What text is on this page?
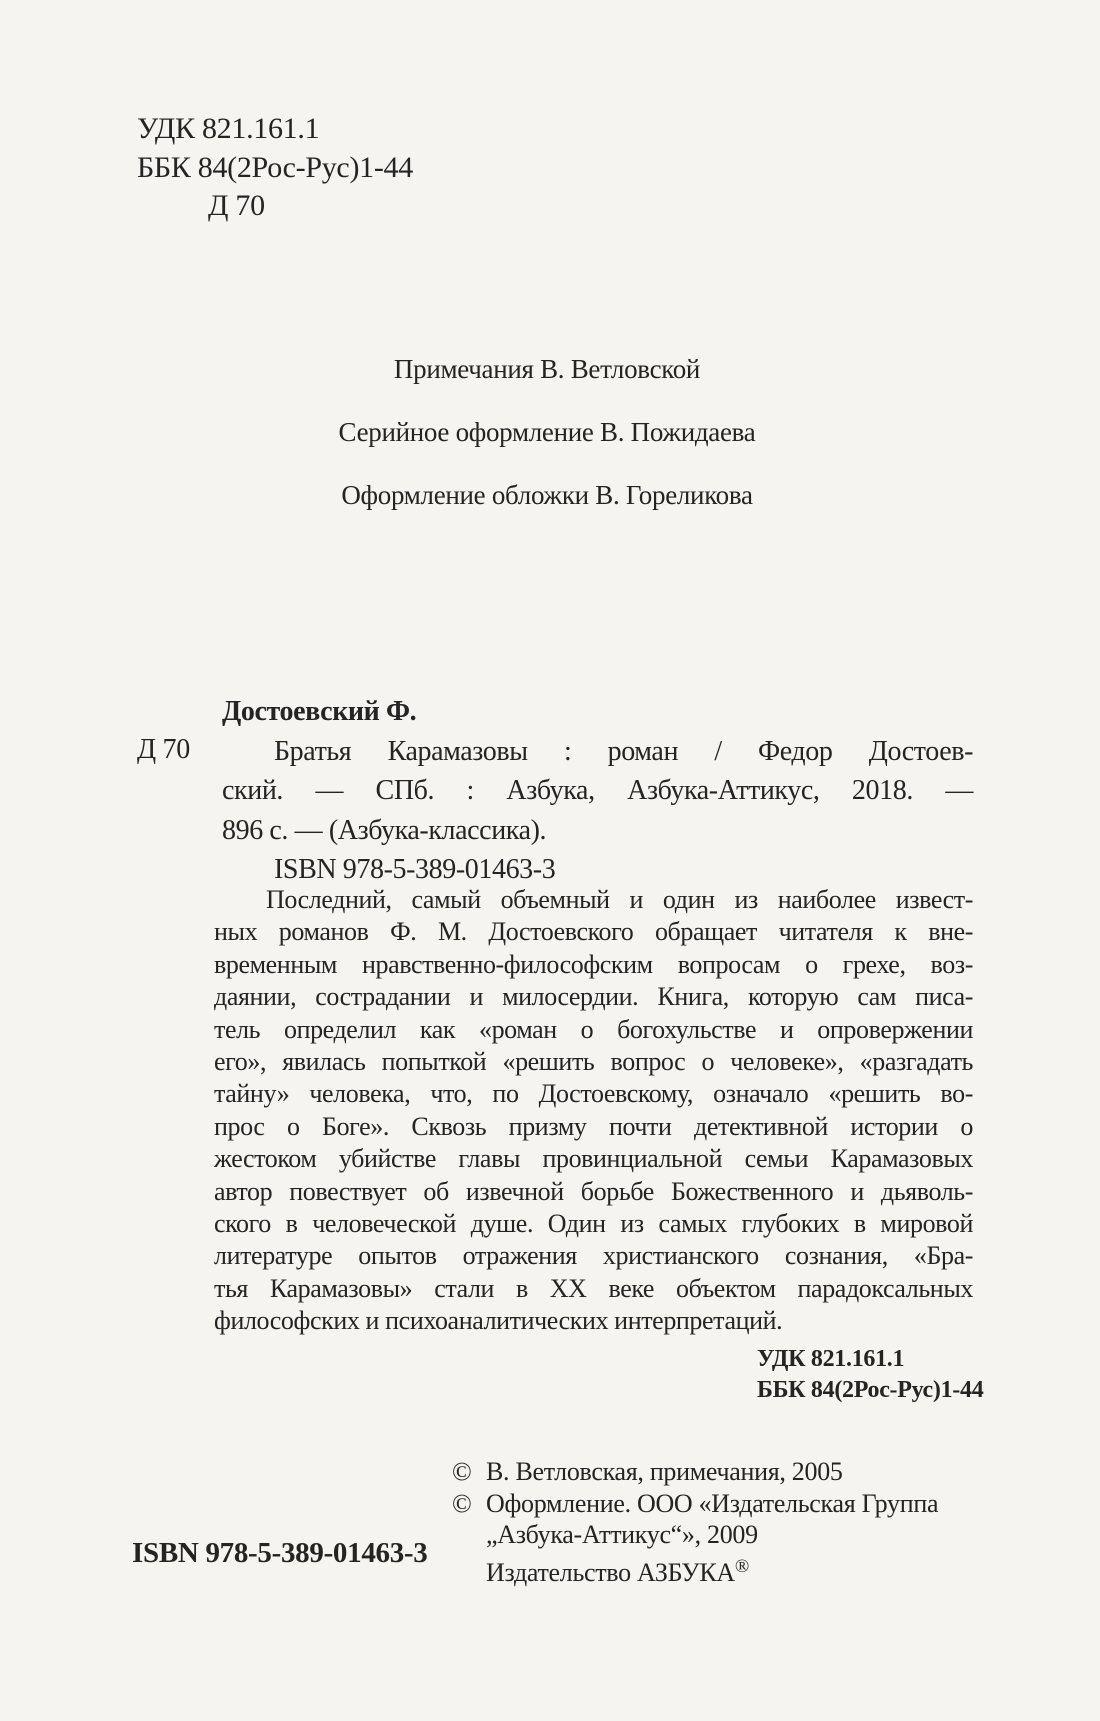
УДК 821.161.1
ББК 84(2Рос-Рус)1-44
Д 70
Примечания В. Ветловской
Серийное оформление В. Пожидаева
Оформление обложки В. Гореликова
Д 70
Достоевский Ф.
Братья Карамазовы : роман / Федор Достоев-
ский. — СПб. : Азбука, Азбука-Аттикус, 2018. —
896 с. — (Азбука-классика).
ISBN 978-5-389-01463-3
Последний, самый объемный и один из наиболее извест-
ных романов Ф. М. Достоевского обращает читателя к вне-
временным нравственно-философским вопросам о грехе, воз-
даянии, сострадании и милосердии. Книга, которую сам писа-
тель определил как «роман о богохульстве и опровержении
его», явилась попыткой «решить вопрос о человеке», «разгадать
тайну» человека, что, по Достоевскому, означало «решить во-
прос о Боге». Сквозь призму почти детективной истории о
жестоком убийстве главы провинциальной семьи Карамазовых
автор повествует об извечной борьбе Божественного и дьяволь-
ского в человеческой душе. Один из самых глубоких в мировой
литературе опытов отражения христианского сознания, «Бра-
тья Карамазовы» стали в XX веке объектом парадоксальных
философских и психоаналитических интерпретаций.
УДК 821.161.1
ББК 84(2Рос-Рус)1-44
© В. Ветловская, примечания, 2005
© Оформление. ООО «Издательская Группа
„Азбука-Аттикус“», 2009
Издательство АЗБУКА®
ISBN 978-5-389-01463-3
